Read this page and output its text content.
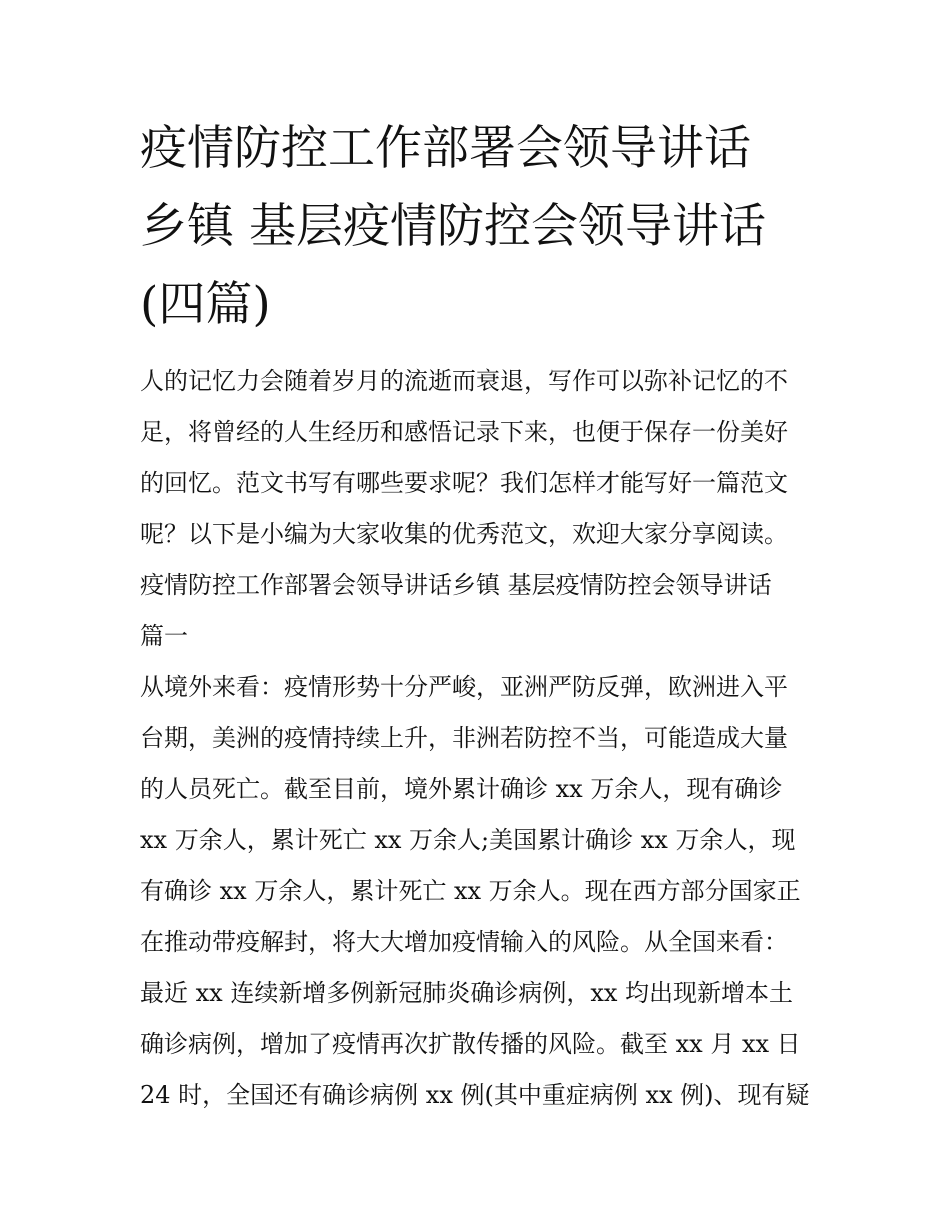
疫情防控工作部署会领导讲话
乡镇 基层疫情防控会领导讲话
(四篇)
人的记忆力会随着岁月的流逝而衰退，写作可以弥补记忆的不
足，将曾经的人生经历和感悟记录下来，也便于保存一份美好
的回忆。范文书写有哪些要求呢？我们怎样才能写好一篇范文
呢？以下是小编为大家收集的优秀范文，欢迎大家分享阅读。
疫情防控工作部署会领导讲话乡镇 基层疫情防控会领导讲话
篇一
从境外来看：疫情形势十分严峻，亚洲严防反弹，欧洲进入平
台期，美洲的疫情持续上升，非洲若防控不当，可能造成大量
的人员死亡。截至目前，境外累计确诊 xx 万余人，现有确诊
xx 万余人，累计死亡 xx 万余人;美国累计确诊 xx 万余人，现
有确诊 xx 万余人，累计死亡 xx 万余人。现在西方部分国家正
在推动带疫解封，将大大增加疫情输入的风险。从全国来看：
最近 xx 连续新增多例新冠肺炎确诊病例，xx 均出现新增本土
确诊病例，增加了疫情再次扩散传播的风险。截至 xx 月 xx 日
24 时，全国还有确诊病例 xx 例(其中重症病例 xx 例)、现有疑
